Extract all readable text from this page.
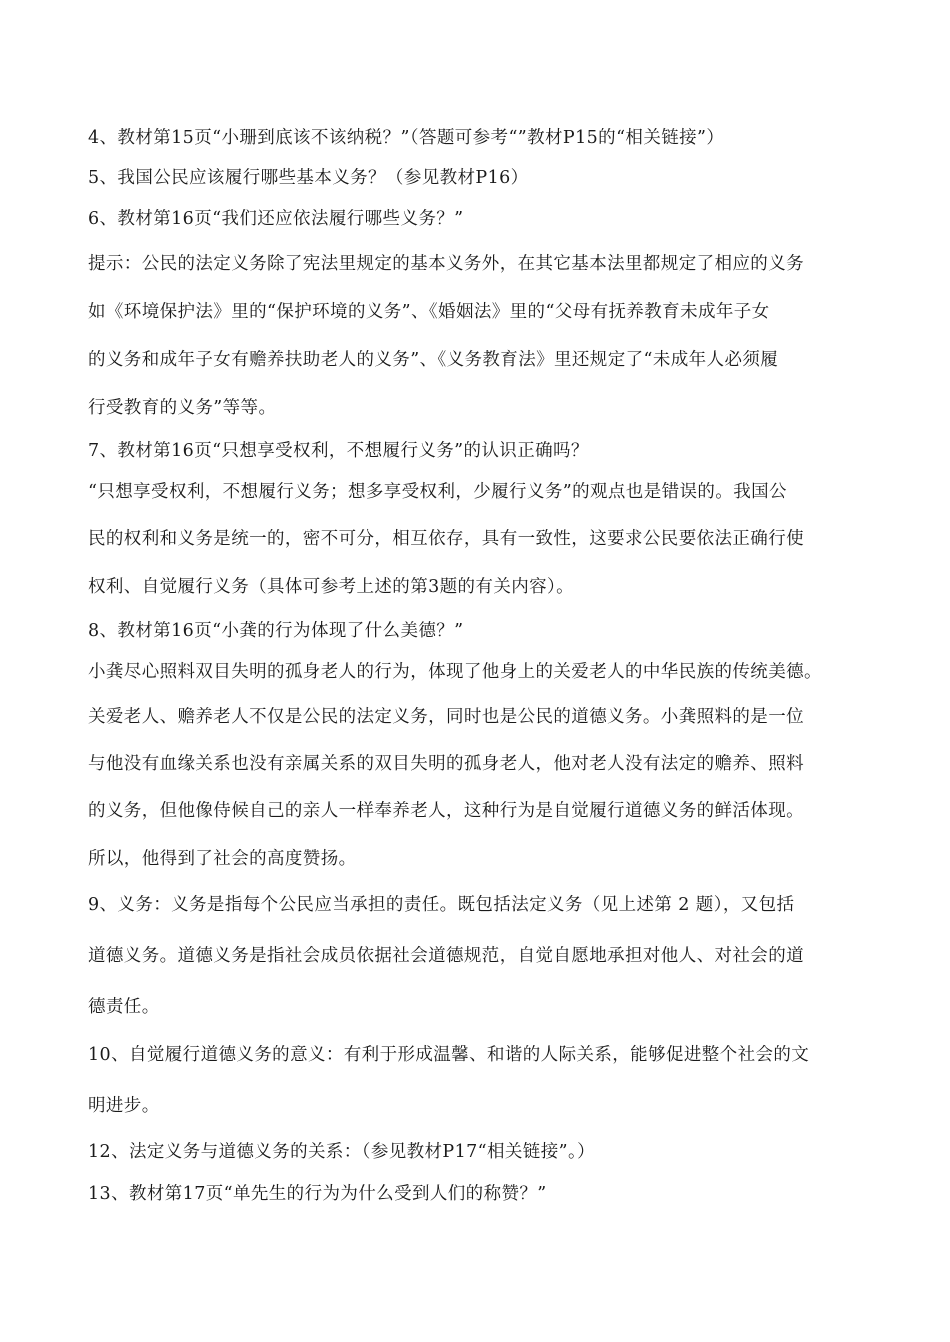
4、教材第15页“小珊到底该不该纳税？”（答题可参考“”教材P15的“相关链接”）

5、我国公民应该履行哪些基本义务？（参见教材P16）

6、教材第16页“我们还应依法履行哪些义务？”

提示：公民的法定义务除了宪法里规定的基本义务外，在其它基本法里都规定了相应的义务

如《环境保护法》里的“保护环境的义务”、《婚姻法》里的“父母有抚养教育未成年子女

的义务和成年子女有赡养扶助老人的义务”、《义务教育法》里还规定了“未成年人必须履

行受教育的义务”等等。

7、教材第16页“只想享受权利，不想履行义务”的认识正确吗？

“只想享受权利，不想履行义务；想多享受权利，少履行义务”的观点也是错误的。我国公

民的权利和义务是统一的，密不可分，相互依存，具有一致性，这要求公民要依法正确行使

权利、自觉履行义务（具体可参考上述的第3题的有关内容）。

8、教材第16页“小龚的行为体现了什么美德？”

小龚尽心照料双目失明的孤身老人的行为，体现了他身上的关爱老人的中华民族的传统美德。

关爱老人、赡养老人不仅是公民的法定义务，同时也是公民的道德义务。小龚照料的是一位

与他没有血缘关系也没有亲属关系的双目失明的孤身老人，他对老人没有法定的赡养、照料

的义务，但他像侍候自己的亲人一样奉养老人，这种行为是自觉履行道德义务的鲜活体现。

所以，他得到了社会的高度赞扬。

9、义务：义务是指每个公民应当承担的责任。既包括法定义务（见上述第 2 题），又包括

道德义务。道德义务是指社会成员依据社会道德规范，自觉自愿地承担对他人、对社会的道

德责任。

10、自觉履行道德义务的意义：有利于形成温馨、和谐的人际关系，能够促进整个社会的文

明进步。

12、法定义务与道德义务的关系：（参见教材P17“相关链接”。）

13、教材第17页“单先生的行为为什么受到人们的称赞？”
